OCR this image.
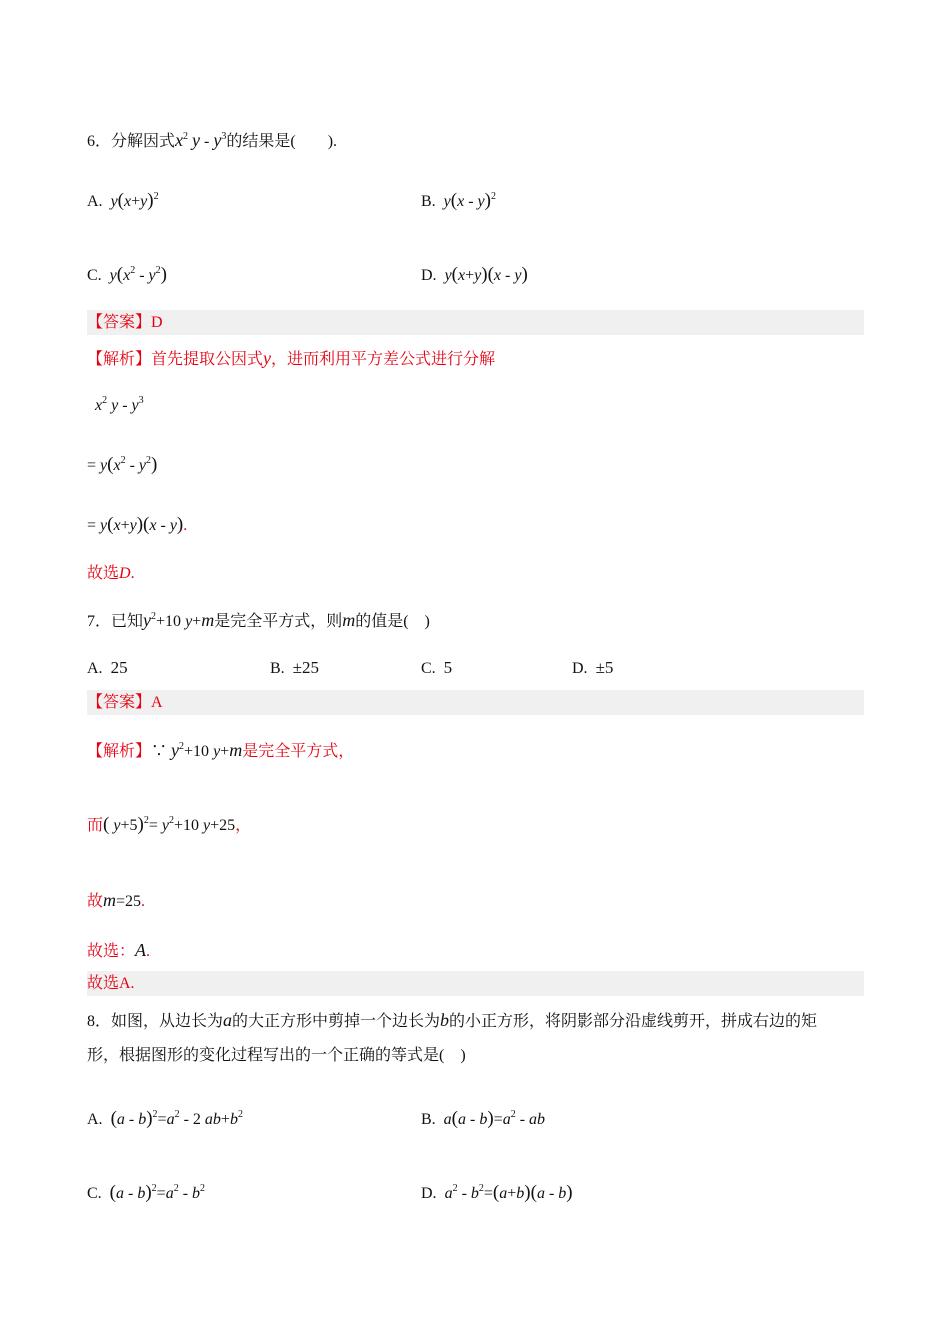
6．分解因式$x^2$ y - $y^3$的结果是(　　).
A. $y(x+y)^2$	B. y(x - y)$^2$
C. $y(x^2 - y^2)$	D. y(x+y)(x - y)
【答案】D
【解析】首先提取公因式y，进而利用平方差公式进行分解
$x^2$ y - $y^3$
= $y(x^2 - y^2)$
= y(x+y)(x - y).
故选D.
7．已知$y^2+10$ y+m是完全平方式，则m的值是(　)
A. 25	B. ±25	C. 5	D. ±5
【答案】A
【解析】∵ $y^2+10$ y+m是完全平方式，
而( $y+5)^2= y^2+10$ y+25，
故m=25.
故选：A.
故选A.
8．如图，从边长为a的大正方形中剪掉一个边长为b的小正方形，将阴影部分沿虚线剪开，拼成右边的矩
形，根据图形的变化过程写出的一个正确的等式是(　)
A. $(a - b)^2=a^2 - 2$ $ab+b^2$	B. $a(a - b)=a^2$ - ab
C. $(a - b)^2=a^2 - b^2$	D. $a^2 - b^2=(a+b)(a - b)$
